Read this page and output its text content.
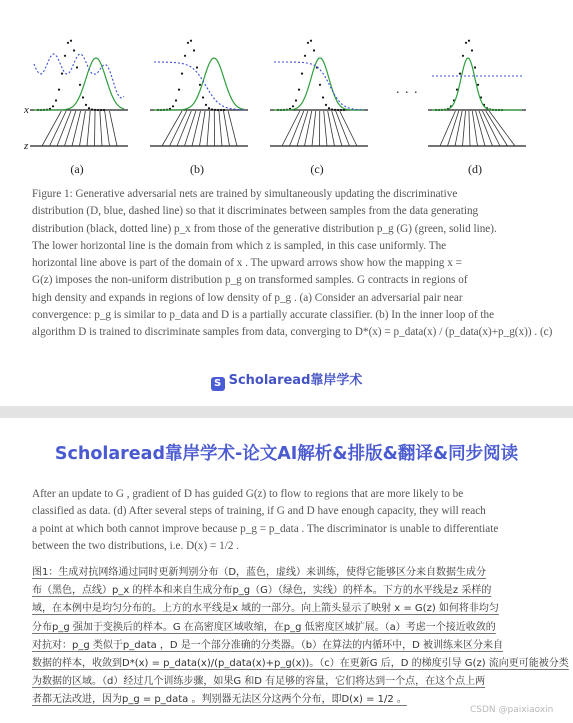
x
z
(a)	(b)	(c)
. . .
(d)
Figure 1: Generative adversarial nets are trained by simultaneously updating the discriminative
distribution (D, blue, dashed line) so that it discriminates between samples from the data generating
distribution (black, dotted line) p_x from those of the generative distribution p_g (G) (green, solid line).
The lower horizontal line is the domain from which z is sampled, in this case uniformly. The
horizontal line above is part of the domain of x . The upward arrows show how the mapping x =
G(z) imposes the non-uniform distribution p_g on transformed samples. G contracts in regions of
high density and expands in regions of low density of p_g . (a) Consider an adversarial pair near
convergence: p_g is similar to p_data and D is a partially accurate classifier. (b) In the inner loop of the
algorithm D is trained to discriminate samples from data, converging to D*(x) = p_data(x) / (p_data(x)+p_g(x)) . (c)
S Scholaread靠岸学术
Scholaread靠岸学术-论文AI解析&排版&翻译&同步阅读
After an update to G , gradient of D has guided G(z) to flow to regions that are more likely to be
classified as data. (d) After several steps of training, if G and D have enough capacity, they will reach
a point at which both cannot improve because p_g = p_data . The discriminator is unable to differentiate
between the two distributions, i.e. D(x) = 1/2 .
图1：生成对抗网络通过同时更新判别分布（D，蓝色，虚线）来训练，使得它能够区分来自数据生成分
布（黑色，点线）p_x 的样本和来自生成分布p_g（G）（绿色，实线）的样本。下方的水平线是z 采样的
域，在本例中是均匀分布的。上方的水平线是x 域的一部分。向上箭头显示了映射 x = G(z) 如何将非均匀
分布p_g 强加于变换后的样本。G 在高密度区域收缩，在p_g 低密度区域扩展。（a）考虑一个接近收敛的
对抗对：p_g 类似于p_data ，D 是一个部分准确的分类器。（b）在算法的内循环中，D 被训练来区分来自
数据的样本，收敛到D*(x) = p_data(x)/(p_data(x)+p_g(x))。（c）在更新G 后，D 的梯度引导 G(z) 流向更可能被分类
为数据的区域。（d）经过几个训练步骤，如果G 和D 有足够的容量，它们将达到一个点，在这个点上两
者都无法改进，因为p_g = p_data 。判别器无法区分这两个分布，即D(x) = 1/2 。
CSDN @paixiaoxin
